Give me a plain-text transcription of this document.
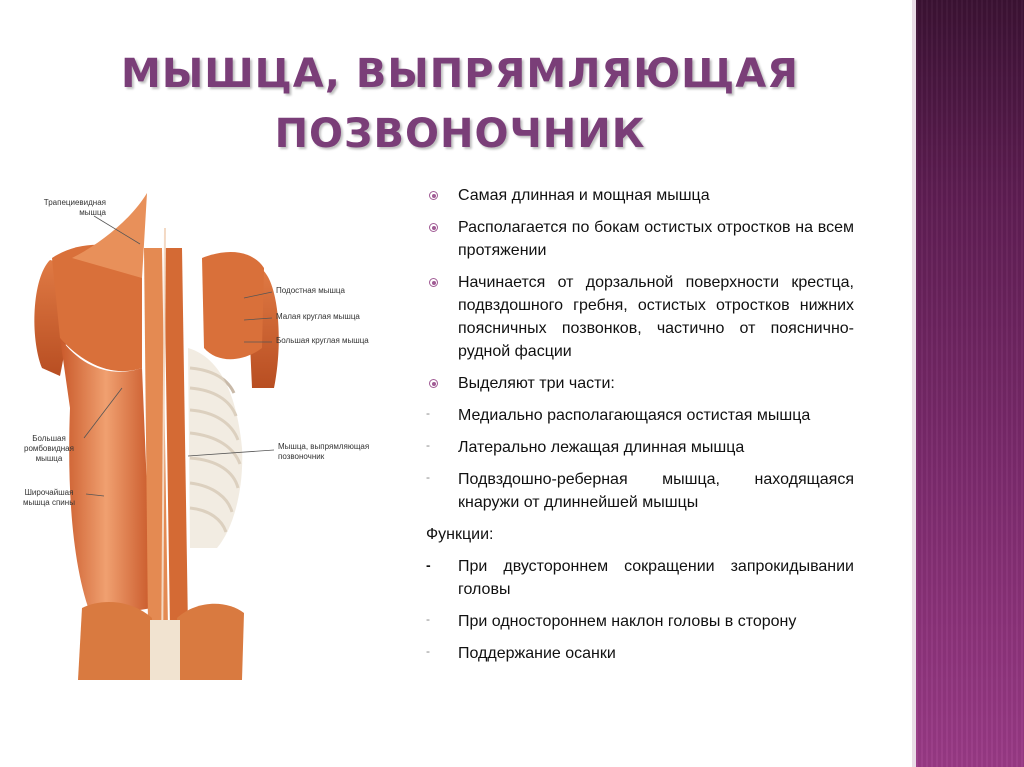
МЫШЦА, ВЫПРЯМЛЯЮЩАЯ
ПОЗВОНОЧНИК
Трапециевидная мышца
Подостная мышца
Малая круглая мышца
Большая круглая мышца
Большая ромбовидная мышца
Мышца, выпрямляющая позвоночник
Широчайшая мышца спины
Самая длинная и мощная мышца
Располагается по бокам остистых отростков на всем протяжении
Начинается от дорзальной поверхности крестца, подвздошного гребня, остистых отростков нижних поясничных позвонков, частично от пояснично-рудной фасции
Выделяют три части:
-	Медиально располагающаяся остистая мышца
-	Латерально лежащая длинная мышца
-	Подвздошно-реберная мышца, находящаяся кнаружи от длиннейшей мышцы
Функции:
-	При двустороннем сокращении запрокидывании головы
-	При одностороннем наклон головы в сторону
-	Поддержание осанки
